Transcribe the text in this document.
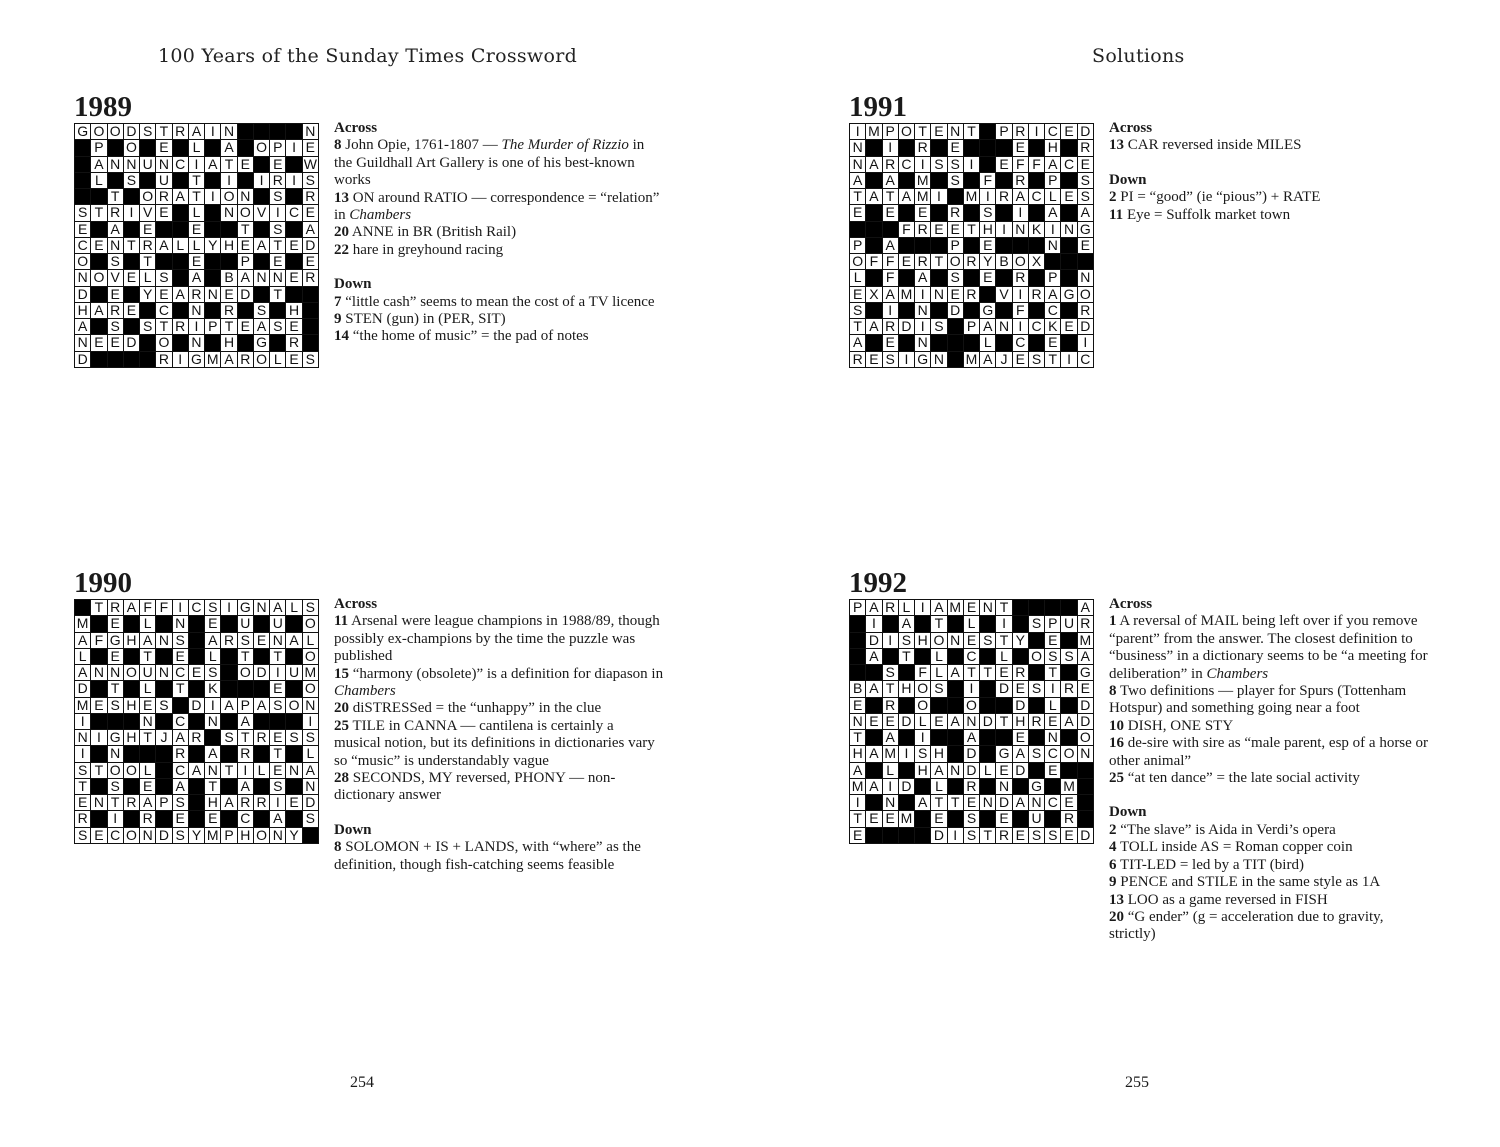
100 Years of the Sunday Times Crossword	Solutions
1989
G O O D S T R A I N	N
P O E L A O P I E
A N N U N C I A T E E W
L S U T	I	I R I S
T O R A T I O N S R
S T R I V E L N O V I C E
E A E	E	T S A
C E N T R A L L Y H E A T E D
O S T	E	P E E
N O V E L S A B A N N E R
D E Y E A R N E D T
H A R E C N R S H
A S S T R I P T E A S E
N E E D O N H G R
D	R I G M A R O L E S
Across
8 John Opie, 1761-1807 — The Murder of Rizzio in the Guildhall Art Gallery is one of his best-known works
13 ON around RATIO — correspondence = “relation” in Chambers
20 ANNE in BR (British Rail)
22 hare in greyhound racing
Down
7 “little cash” seems to mean the cost of a TV licence
9 STEN (gun) in (PER, SIT)
14 “the home of music” = the pad of notes
1991
I M P O T E N T P R I C E D
N	I	R E	E H R
N A R C I S S I	E F F A C E
A A M S F R P S
T A T A M I	M I R A C L E S
E E E R S	I	A A
F R E E T H I N K I N G
P A	P E	N E
O F F E R T O R Y B O X
L F A S E R P N
E X A M I N E R V I R A G O
S	I	N D G F C R
T A R D I S P A N I C K E D
A E N	L C E	I
R E S I G N M A J E S T I C
Across
13 CAR reversed inside MILES
Down
2 PI = “good” (ie “pious”) + RATE
11 Eye = Suffolk market town
1990
T R A F F I C S I G N A L S
M E L N E U U O
A F G H A N S A R S E N A L
L E T E L T T O
A N N O U N C E S O D I U M
D T L T K	E O
M E S H E S D I A P A S O N
I	N C N A	I
N I G H T J A R S T R E S S
I	N	R A R T L
S T O O L C A N T I L E N A
T S E A T A S N
E N T R A P S H A R R I E D
R	I	R E E C A S
S E C O N D S Y M P H O N Y
Across
11 Arsenal were league champions in 1988/89, though possibly ex-champions by the time the puzzle was published
15 “harmony (obsolete)” is a definition for diapason in Chambers
20 diSTRESSed = the “unhappy” in the clue
25 TILE in CANNA — cantilena is certainly a musical notion, but its definitions in dictionaries vary so “music” is understandably vague
28 SECONDS, MY reversed, PHONY — non-dictionary answer
Down
8 SOLOMON + IS + LANDS, with “where” as the definition, though fish-catching seems feasible
1992
P A R L I A M E N T	A
I	A T L	I	S P U R
D I S H O N E S T Y E M
A T L C L O S S A
S F L A T T E R T G
B A T H O S	I	D E S I R E
E R O	O	D L D
N E E D L E A N D T H R E A D
T A	I	A	E N O
H A M I S H D G A S C O N
A L H A N D L E D E
M A I D L R N G M
I	N A T T E N D A N C E
T E E M E S E U R
E	D I S T R E S S E D
Across
1 A reversal of MAIL being left over if you remove “parent” from the answer. The closest definition to “business” in a dictionary seems to be “a meeting for deliberation” in Chambers
8 Two definitions — player for Spurs (Tottenham Hotspur) and something going near a foot
10 DISH, ONE STY
16 de-sire with sire as “male parent, esp of a horse or other animal”
25 “at ten dance” = the late social activity
Down
2 “The slave” is Aida in Verdi’s opera
4 TOLL inside AS = Roman copper coin
6 TIT-LED = led by a TIT (bird)
9 PENCE and STILE in the same style as 1A
13 LOO as a game reversed in FISH
20 “G ender” (g = acceleration due to gravity, strictly)
254	255
